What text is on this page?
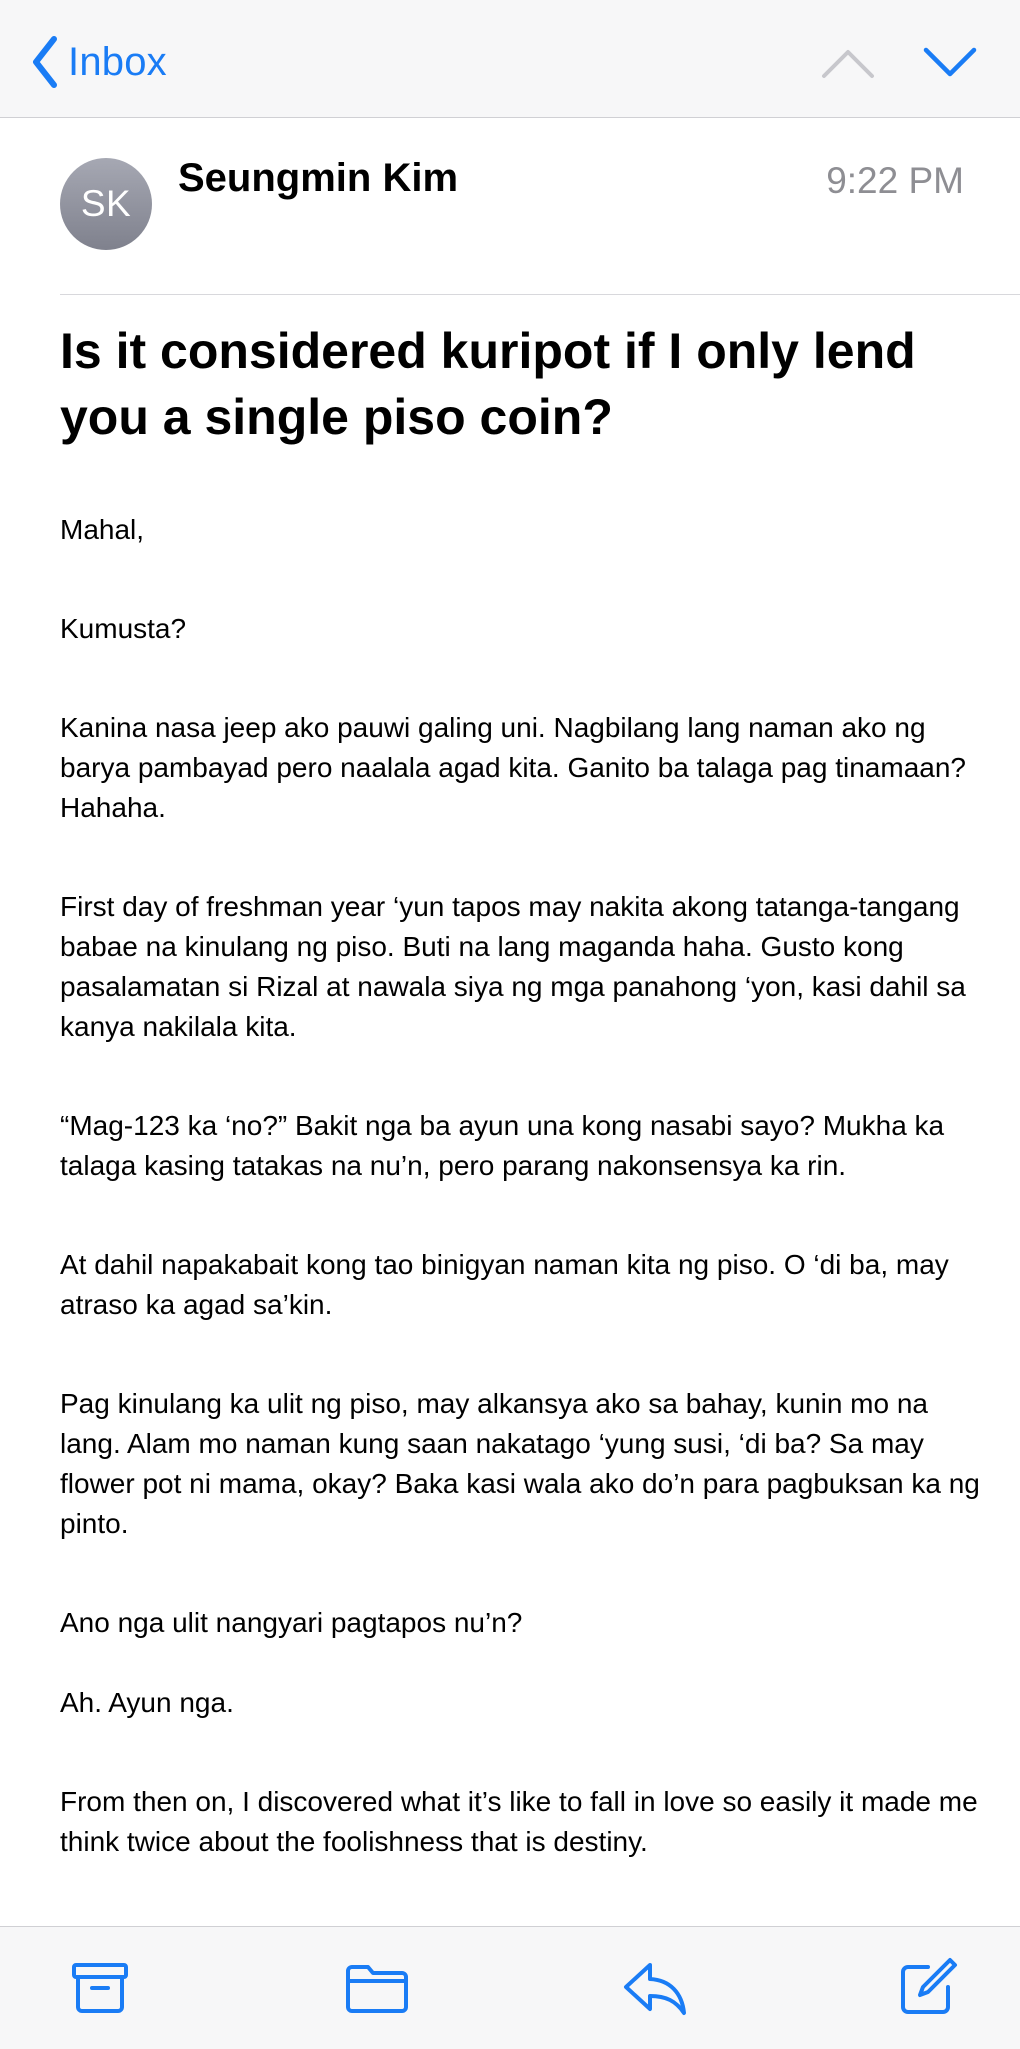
Inbox
SK
Seungmin Kim	9:22 PM
Is it considered kuripot if I only lend you a single piso coin?

Mahal,

Kumusta?

Kanina nasa jeep ako pauwi galing uni. Nagbilang lang naman ako ng barya pambayad pero naalala agad kita. Ganito ba talaga pag tinamaan? Hahaha.

First day of freshman year ‘yun tapos may nakita akong tatanga-tangang babae na kinulang ng piso. Buti na lang maganda haha. Gusto kong pasalamatan si Rizal at nawala siya ng mga panahong ‘yon, kasi dahil sa kanya nakilala kita.

“Mag-123 ka ‘no?” Bakit nga ba ayun una kong nasabi sayo? Mukha ka talaga kasing tatakas na nu’n, pero parang nakonsensya ka rin.

At dahil napakabait kong tao binigyan naman kita ng piso. O ‘di ba, may atraso ka agad sa’kin.

Pag kinulang ka ulit ng piso, may alkansya ako sa bahay, kunin mo na lang. Alam mo naman kung saan nakatago ‘yung susi, ‘di ba? Sa may flower pot ni mama, okay? Baka kasi wala ako do’n para pagbuksan ka ng pinto.

Ano nga ulit nangyari pagtapos nu’n?

Ah. Ayun nga.

From then on, I discovered what it’s like to fall in love so easily it made me think twice about the foolishness that is destiny.
